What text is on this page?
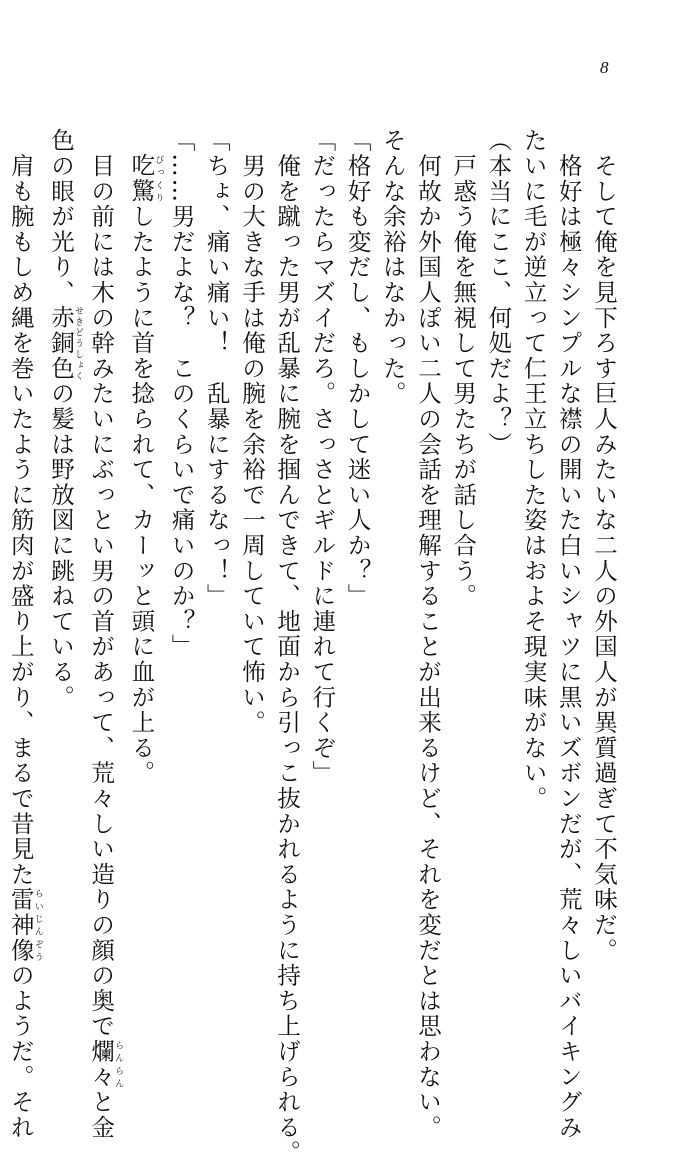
8
　そして俺を見下ろす巨人みたいな二人の外国人が異質過ぎて不気味だ。
　格好は極々シンプルな襟の開いた白いシャツに黒いズボンだが、荒々しいバイキングみ
たいに毛が逆立って仁王立ちした姿はおよそ現実味がない。
（本当にここ、何処だよ？）
　戸惑う俺を無視して男たちが話し合う。
　何故か外国人ぽい二人の会話を理解することが出来るけど、それを変だとは思わない。
そんな余裕はなかった。
「格好も変だし、もしかして迷い人か？」
「だったらマズイだろ。さっさとギルドに連れて行くぞ」
　俺を蹴った男が乱暴に腕を掴んできて、地面から引っこ抜かれるように持ち上げられる。
　男の大きな手は俺の腕を余裕で一周していて怖い。
「ちょ、痛い痛い！　乱暴にするなっ！」
「……男だよな？　このくらいで痛いのか？」
　吃驚びっくりしたように首を捻られて、カーッと頭に血が上る。
　目の前には木の幹みたいにぶっとい男の首があって、荒々しい造りの顔の奥で爛々らんらんと金
色の眼が光り、赤銅色せきどうしょくの髪は野放図に跳ねている。
　肩も腕もしめ縄を巻いたように筋肉が盛り上がり、まるで昔見た雷神像らいじんぞうのようだ。それ
